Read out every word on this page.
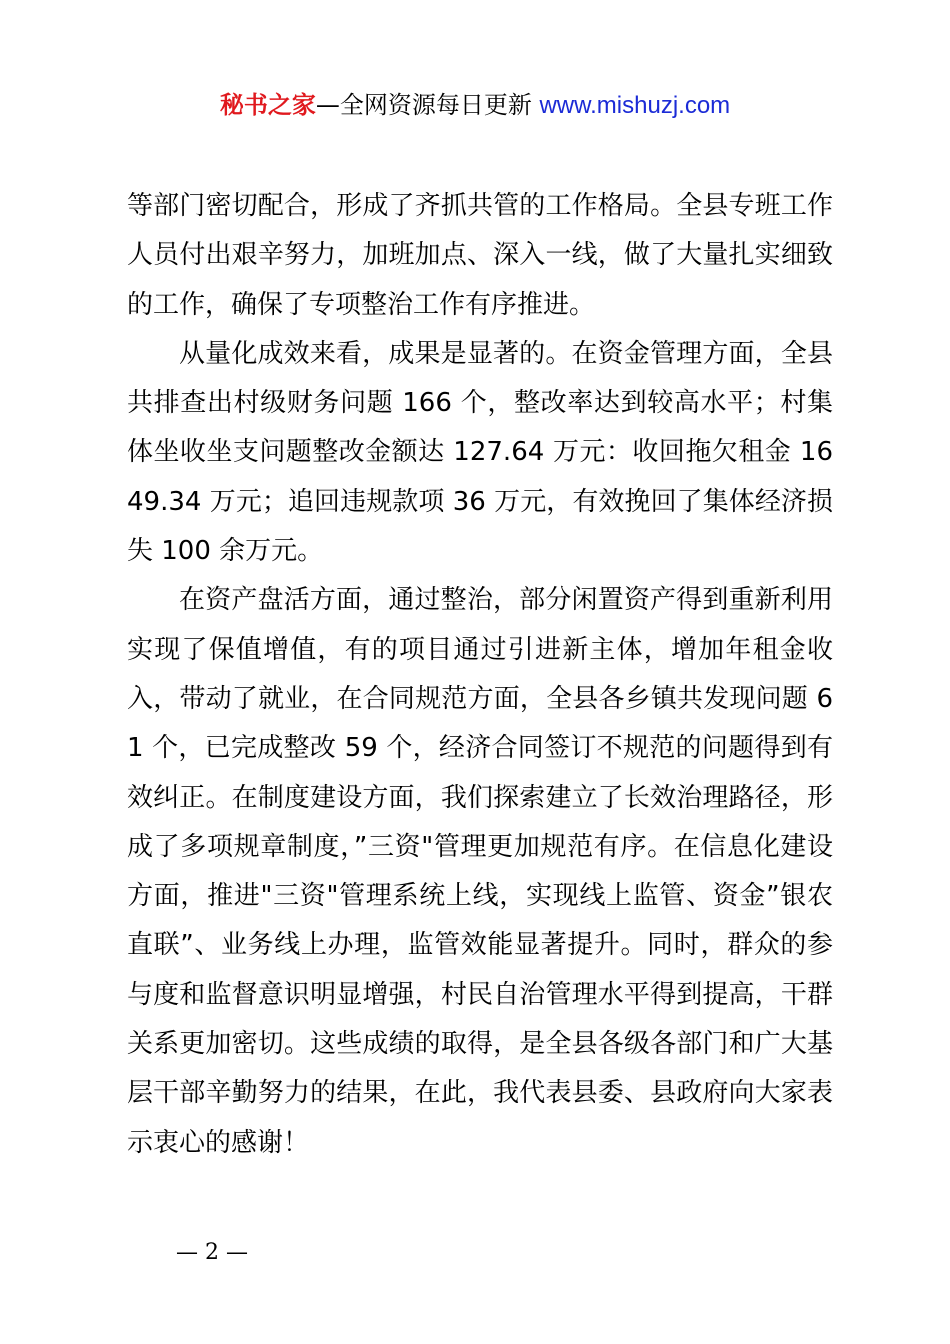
秘书之家—全网资源每日更新 www.mishuzj.com

等部门密切配合，形成了齐抓共管的工作格局。全县专班工作人员付出艰辛努力，加班加点、深入一线，做了大量扎实细致的工作，确保了专项整治工作有序推进。

从量化成效来看，成果是显著的。在资金管理方面，全县共排查出村级财务问题 166 个，整改率达到较高水平；村集体坐收坐支问题整改金额达 127.64 万元：收回拖欠租金 1649.34 万元；追回违规款项 36 万元，有效挽回了集体经济损失 100 余万元。

在资产盘活方面，通过整治，部分闲置资产得到重新利用实现了保值增值，有的项目通过引进新主体，增加年租金收入，带动了就业，在合同规范方面，全县各乡镇共发现问题 61 个，已完成整改 59 个，经济合同签订不规范的问题得到有效纠正。在制度建设方面，我们探索建立了长效治理路径，形成了多项规章制度，”三资"管理更加规范有序。在信息化建设方面，推进"三资"管理系统上线，实现线上监管、资金”银农直联”、业务线上办理，监管效能显著提升。同时，群众的参与度和监督意识明显增强，村民自治管理水平得到提高，干群关系更加密切。这些成绩的取得，是全县各级各部门和广大基层干部辛勤努力的结果，在此，我代表县委、县政府向大家表示衷心的感谢！

— 2 —
